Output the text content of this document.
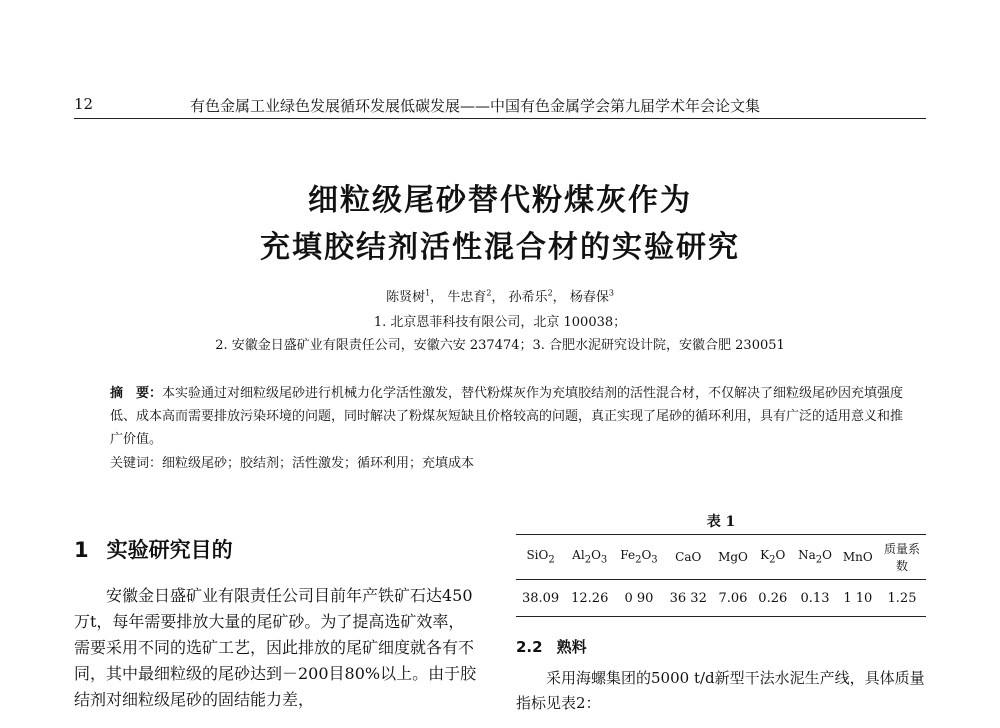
12	有色金属工业绿色发展循环发展低碳发展——中国有色金属学会第九届学术年会论文集
细粒级尾砂替代粉煤灰作为
充填胶结剂活性混合材的实验研究
陈贤树$^1$， 牛忠育$^2$， 孙希乐$^2$， 杨春保$^3$
1. 北京恩菲科技有限公司，北京 100038；
2. 安徽金日盛矿业有限责任公司，安徽六安 237474；3. 合肥水泥研究设计院，安徽合肥 230051
摘　要：本实验通过对细粒级尾砂进行机械力化学活性激发，替代粉煤灰作为充填胶结剂的活性混合材，不仅解决了细粒级尾砂因充填强度低、成本高而需要排放污染环境的问题，同时解决了粉煤灰短缺且价格较高的问题，真正实现了尾砂的循环利用，具有广泛的适用意义和推广价值。
关键词：细粒级尾砂；胶结剂；活性激发；循环利用；充填成本
1 实验研究目的
安徽金日盛矿业有限责任公司目前年产铁矿石达450万t，每年需要排放大量的尾矿砂。为了提高选矿效率，需要采用不同的选矿工艺，因此排放的尾矿细度就各有不同，其中最细粒级的尾砂达到－200目80%以上。由于胶结剂对细粒级尾砂的固结能力差，
表 1
SiO$_2$	$Al_2O_3$	$Fe_2O_3$	CaO	MgO	$K_2O$	$Na_2O$	MnO	质量系数
38.09	12.26	0 90	36 32	7.06	0.26	0.13	1 10	1.25
2.2 熟料
采用海螺集团的5000 t/d新型干法水泥生产线，具体质量指标见表2：
